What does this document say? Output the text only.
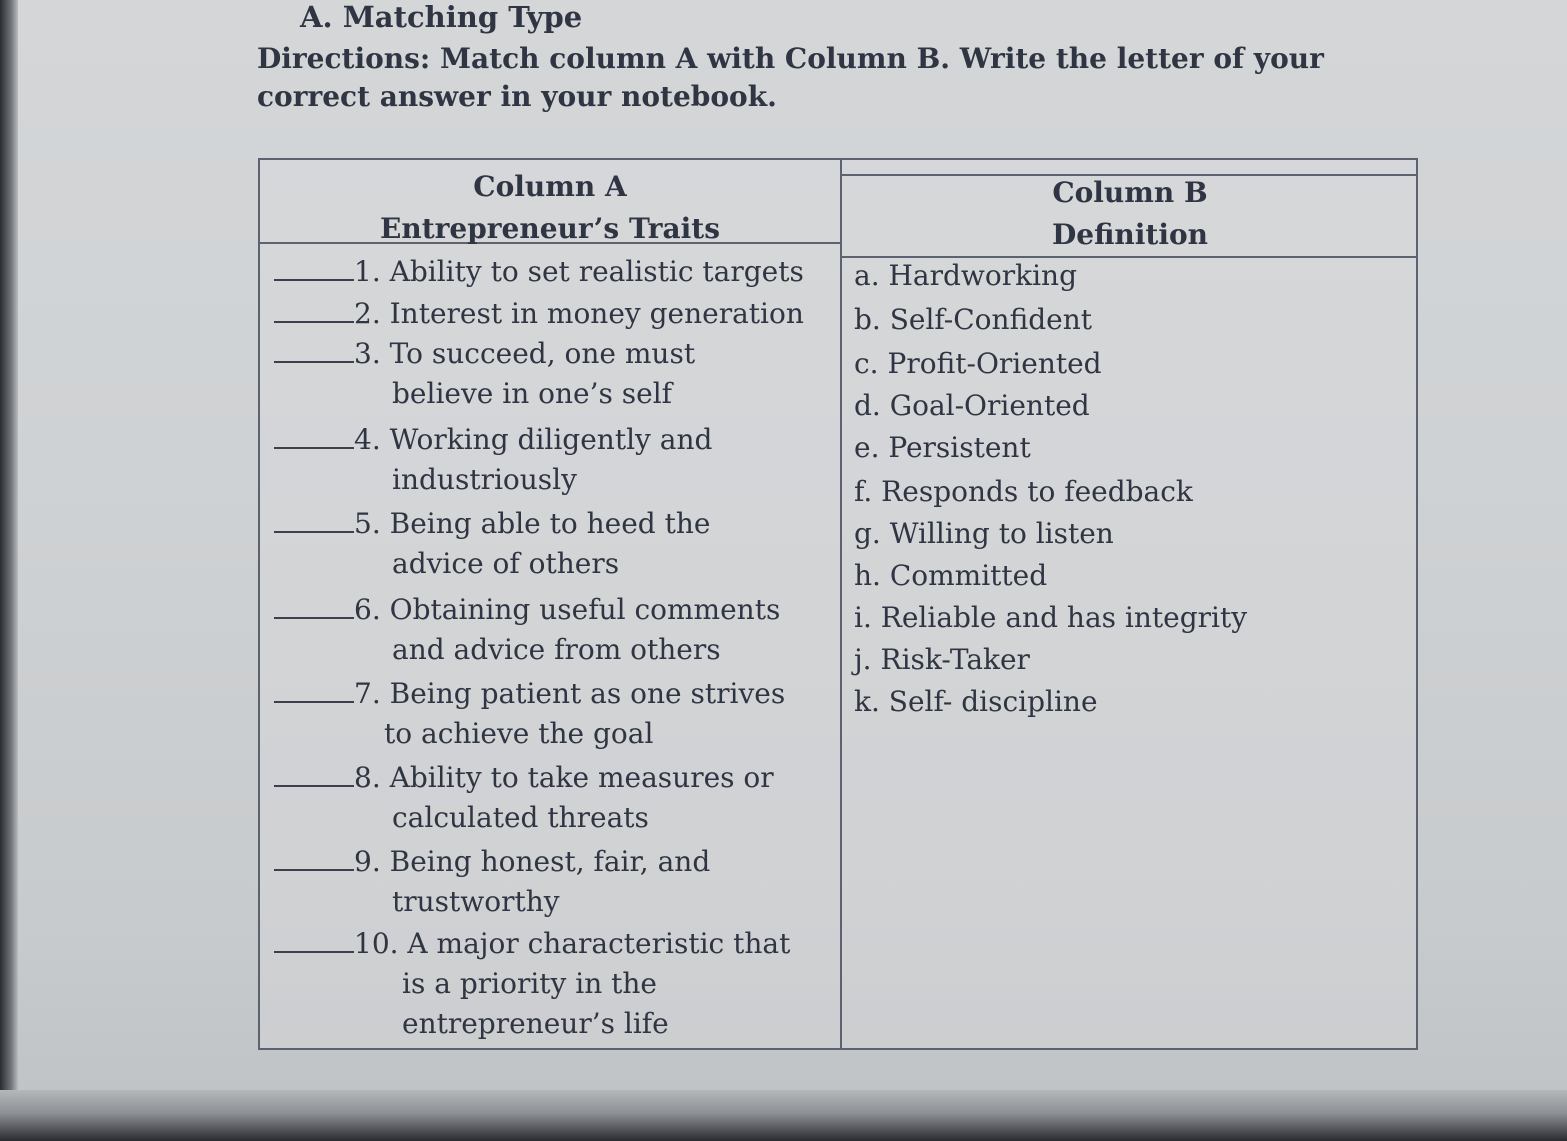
A. Matching Type

Directions: Match column A with Column B. Write the letter of your correct answer in your notebook.

Column A
Entrepreneur’s Traits
Column B
Definition
1. Ability to set realistic targets
2. Interest in money generation
3. To succeed, one must
believe in one’s self
4. Working diligently and
industriously
5. Being able to heed the
advice of others
6. Obtaining useful comments
and advice from others
7. Being patient as one strives
to achieve the goal
8. Ability to take measures or
calculated threats
9. Being honest, fair, and
trustworthy
10. A major characteristic that
is a priority in the
entrepreneur’s life
a. Hardworking
b. Self-Confident
c. Profit-Oriented
d. Goal-Oriented
e. Persistent
f. Responds to feedback
g. Willing to listen
h. Committed
i. Reliable and has integrity
j. Risk-Taker
k. Self- discipline
